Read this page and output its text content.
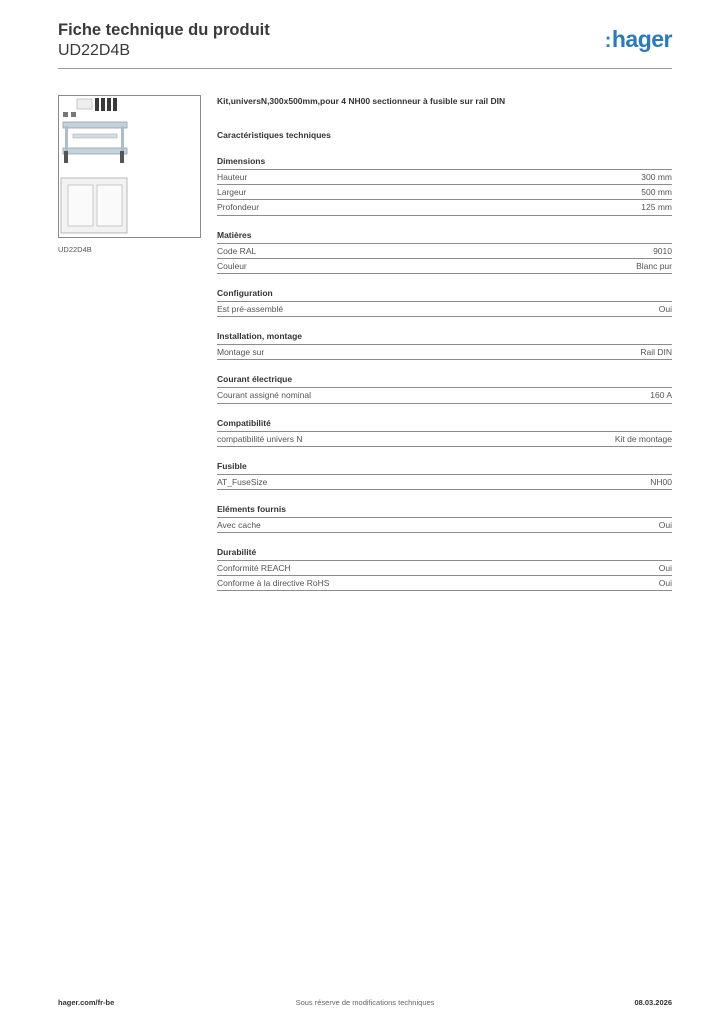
Fiche technique du produit
UD22D4B	:hager
UD22D4B
Kit,universN,300x500mm,pour 4 NH00 sectionneur à fusible sur rail DIN
Caractéristiques techniques
Dimensions
Hauteur	300 mm
Largeur	500 mm
Profondeur	125 mm
Matières
Code RAL	9010
Couleur	Blanc pur
Configuration
Est pré-assemblé	Oui
Installation, montage
Montage sur	Rail DIN
Courant électrique
Courant assigné nominal	160 A
Compatibilité
compatibilité univers N	Kit de montage
Fusible
AT_FuseSize	NH00
Eléments fournis
Avec cache	Oui
Durabilité
Conformité REACH	Oui
Conforme à la directive RoHS	Oui
hager.com/fr-be	Sous réserve de modifications techniques	08.03.2026
